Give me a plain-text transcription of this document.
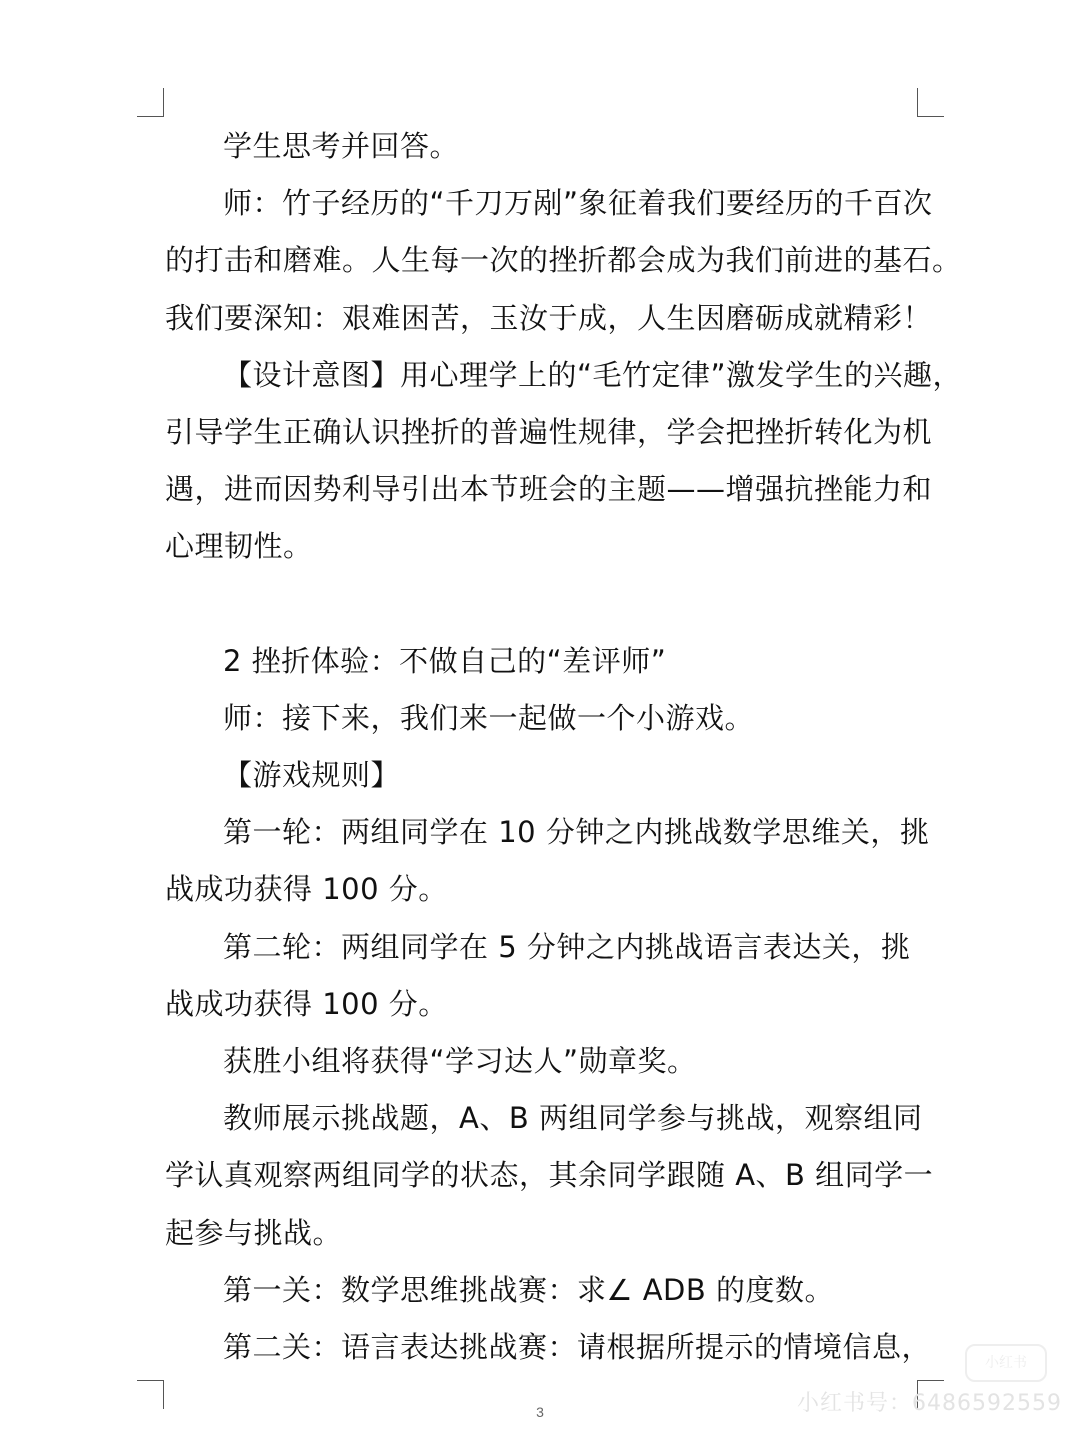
学生思考并回答。

师：竹子经历的“千刀万剐”象征着我们要经历的千百次

的打击和磨难。人生每一次的挫折都会成为我们前进的基石。

我们要深知：艰难困苦，玉汝于成，人生因磨砺成就精彩！

【设计意图】用心理学上的“毛竹定律”激发学生的兴趣，

引导学生正确认识挫折的普遍性规律，学会把挫折转化为机

遇，进而因势利导引出本节班会的主题——增强抗挫能力和

心理韧性。

2 挫折体验：不做自己的“差评师”

师：接下来，我们来一起做一个小游戏。

【游戏规则】

第一轮：两组同学在 10 分钟之内挑战数学思维关，挑

战成功获得 100 分。

第二轮：两组同学在 5 分钟之内挑战语言表达关，挑

战成功获得 100 分。

获胜小组将获得“学习达人”勋章奖。

教师展示挑战题，A、B 两组同学参与挑战，观察组同

学认真观察两组同学的状态，其余同学跟随 A、B 组同学一

起参与挑战。

第一关：数学思维挑战赛：求∠ ADB 的度数。

第二关：语言表达挑战赛：请根据所提示的情境信息，	小红书
小红书号：6486592559
3
